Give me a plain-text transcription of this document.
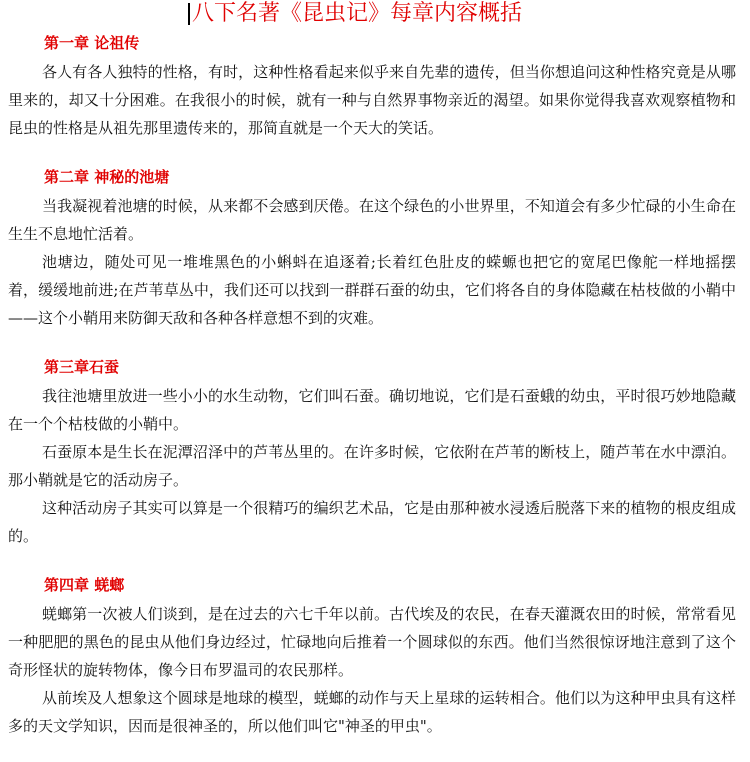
八下名著《昆虫记》每章内容概括
第一章 论祖传

各人有各人独特的性格，有时，这种性格看起来似乎来自先辈的遗传，但当你想追问这种性格究竟是从哪里来的，却又十分困难。在我很小的时候，就有一种与自然界事物亲近的渴望。如果你觉得我喜欢观察植物和昆虫的性格是从祖先那里遗传来的，那简直就是一个天大的笑话。

第二章 神秘的池塘

当我凝视着池塘的时候，从来都不会感到厌倦。在这个绿色的小世界里，不知道会有多少忙碌的小生命在生生不息地忙活着。

池塘边，随处可见一堆堆黑色的小蝌蚪在追逐着;长着红色肚皮的蝾螈也把它的宽尾巴像舵一样地摇摆着，缓缓地前进;在芦苇草丛中，我们还可以找到一群群石蚕的幼虫，它们将各自的身体隐藏在枯枝做的小鞘中——这个小鞘用来防御天敌和各种各样意想不到的灾难。

第三章石蚕

我往池塘里放进一些小小的水生动物，它们叫石蚕。确切地说，它们是石蚕蛾的幼虫，平时很巧妙地隐藏在一个个枯枝做的小鞘中。

石蚕原本是生长在泥潭沼泽中的芦苇丛里的。在许多时候，它依附在芦苇的断枝上，随芦苇在水中漂泊。那小鞘就是它的活动房子。

这种活动房子其实可以算是一个很精巧的编织艺术品，它是由那种被水浸透后脱落下来的植物的根皮组成的。

第四章 蜣螂

蜣螂第一次被人们谈到，是在过去的六七千年以前。古代埃及的农民，在春天灌溉农田的时候，常常看见一种肥肥的黑色的昆虫从他们身边经过，忙碌地向后推着一个圆球似的东西。他们当然很惊讶地注意到了这个奇形怪状的旋转物体，像今日布罗温司的农民那样。

从前埃及人想象这个圆球是地球的模型，蜣螂的动作与天上星球的运转相合。他们以为这种甲虫具有这样多的天文学知识，因而是很神圣的，所以他们叫它"神圣的甲虫"。
